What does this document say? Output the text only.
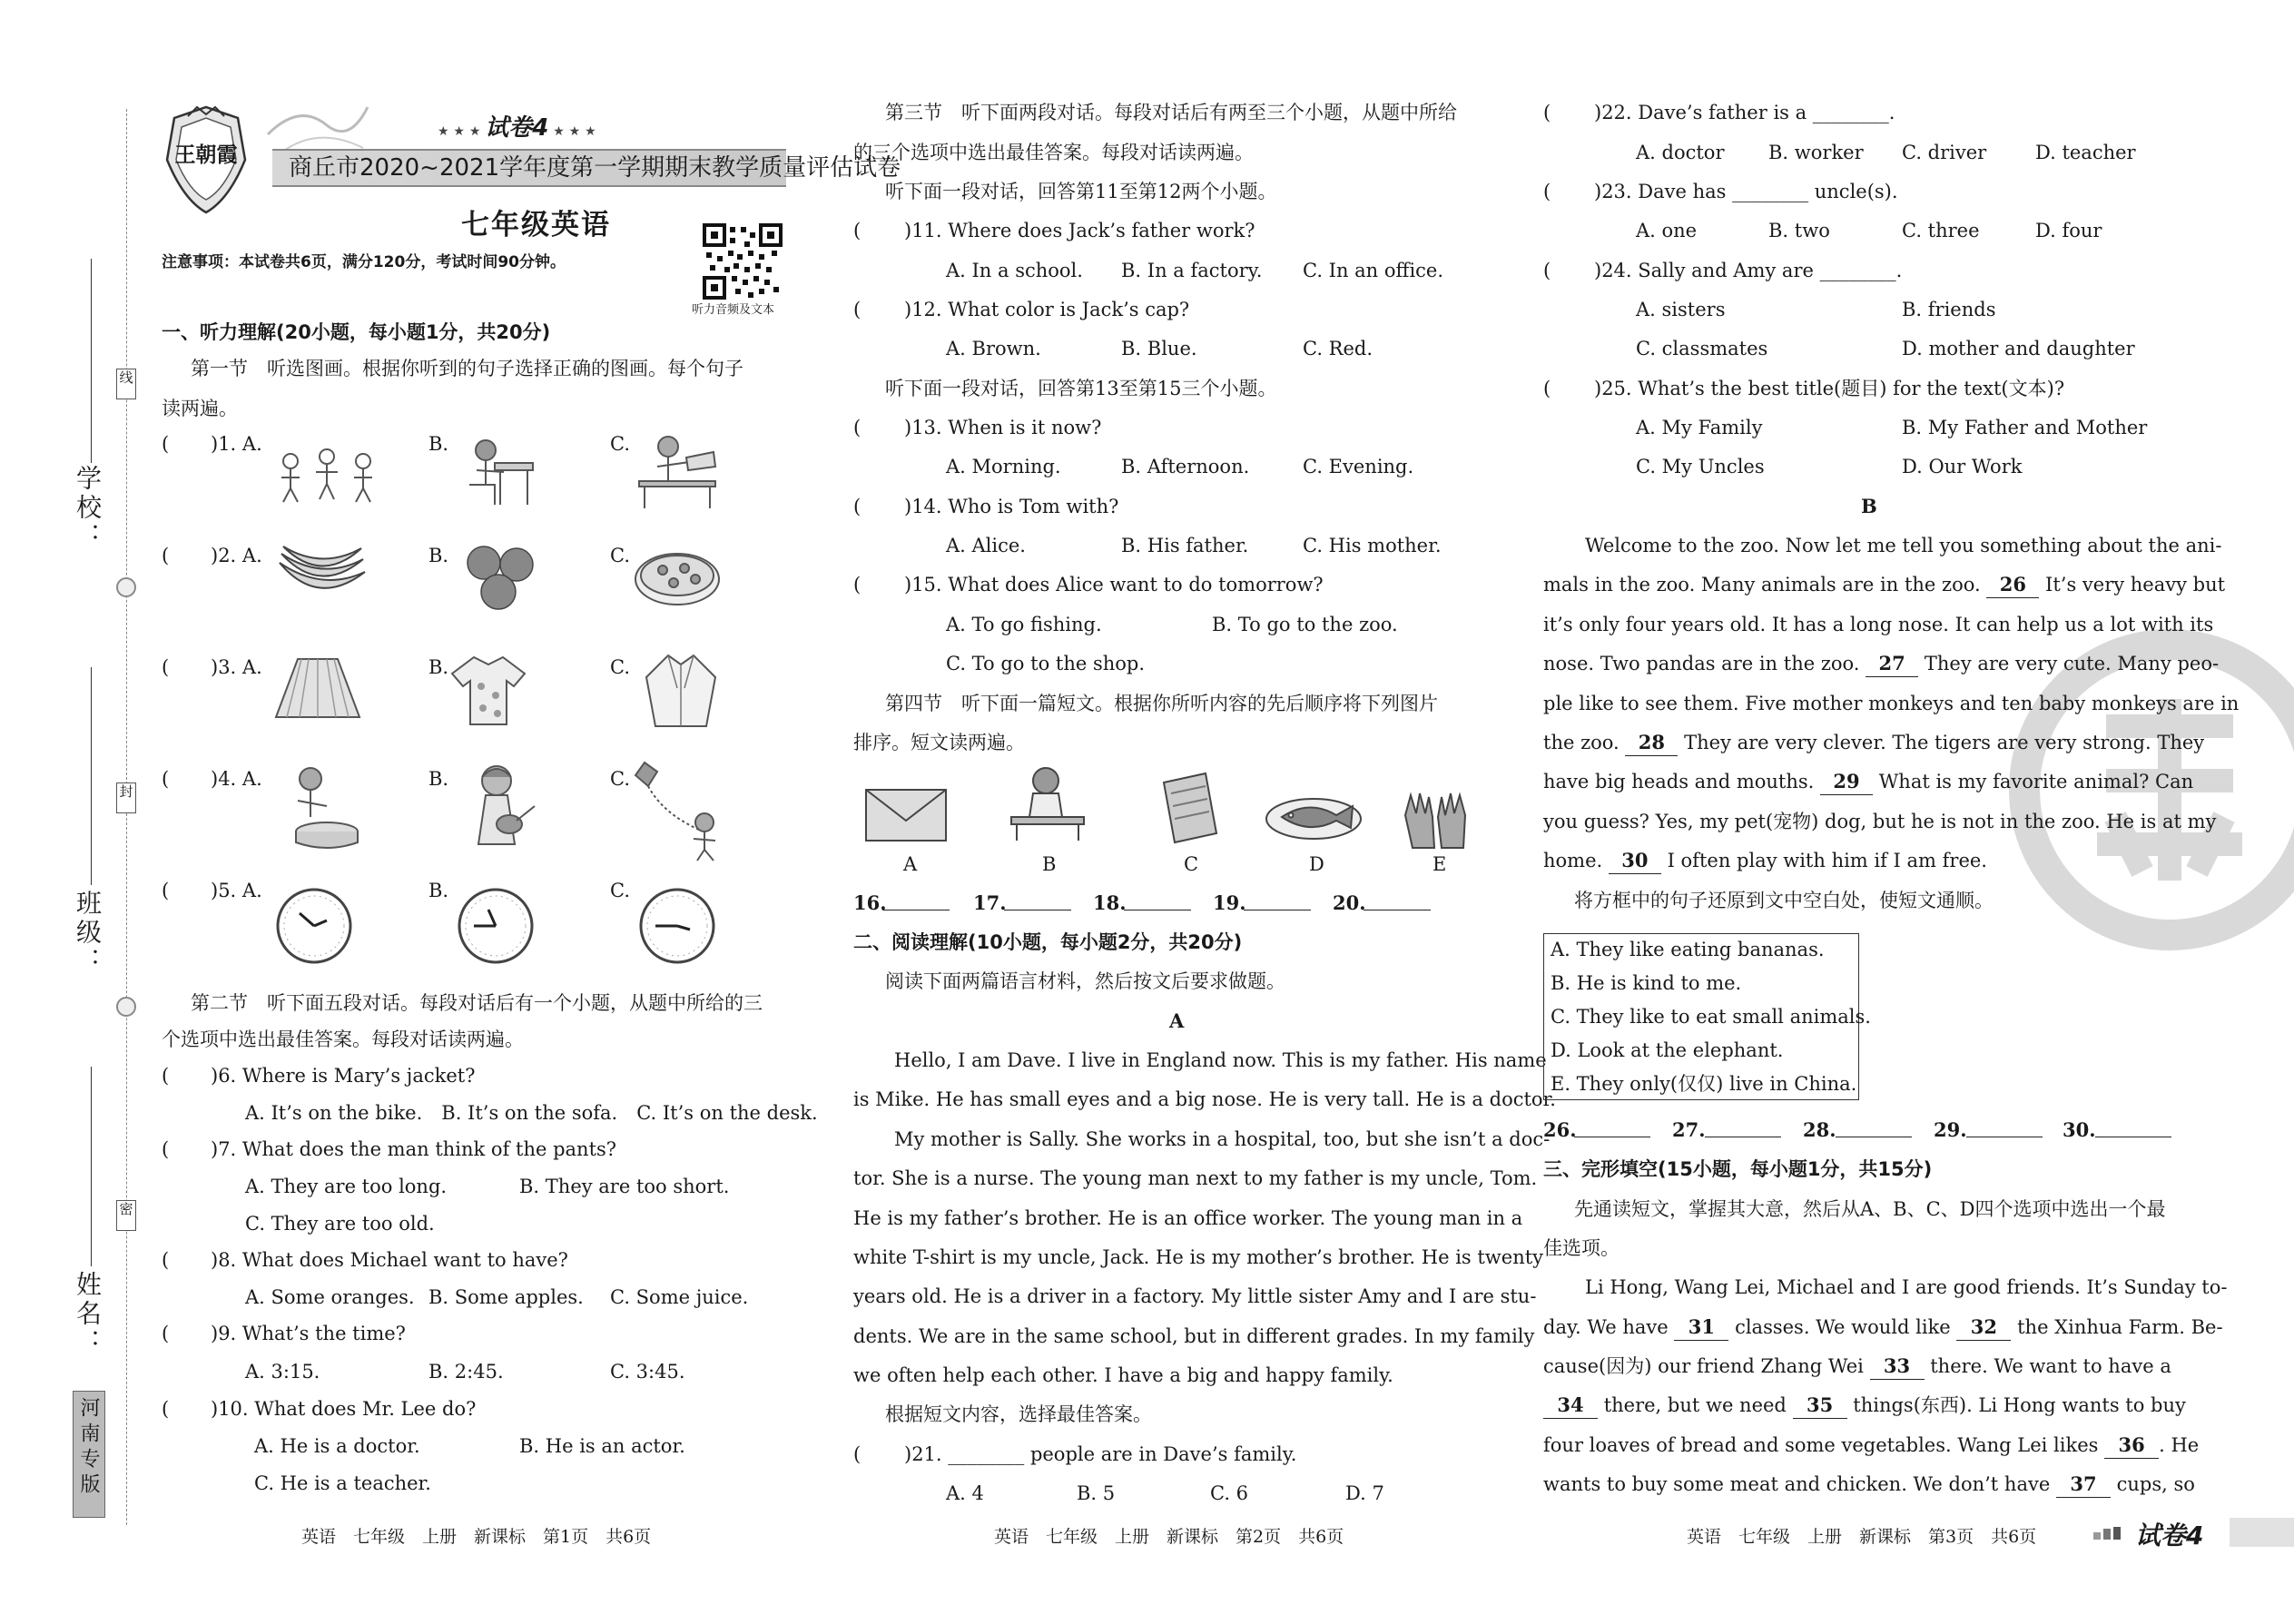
学校：
班级：
姓名：
线
封
密
河南专版
王朝霞
★ ★ ★ 试卷4 ★ ★ ★
商丘市2020~2021学年度第一学期期末教学质量评估试卷
七年级英语
注意事项：本试卷共6页，满分120分，考试时间90分钟。
听力音频及文本
一、听力理解(20小题，每小题1分，共20分)
第一节　听选图画。根据你听到的句子选择正确的图画。每个句子
读两遍。
( )1. A.	B.	C.
( )2. A.	B.	C.
( )3. A.	B.	C.
( )4. A.	B.	C.
( )5. A.	B.	C.
第二节　听下面五段对话。每段对话后有一个小题，从题中所给的三
个选项中选出最佳答案。每段对话读两遍。
( )6. Where is Mary’s jacket?
A. It’s on the bike.　B. It’s on the sofa.　C. It’s on the desk.
( )7. What does the man think of the pants?
A. They are too long.	B. They are too short.
C. They are too old.
( )8. What does Michael want to have?
A. Some oranges. B. Some apples. C. Some juice.
( )9. What’s the time?
A. 3:15.	B. 2:45.	C. 3:45.
( )10. What does Mr. Lee do?
A. He is a doctor.	B. He is an actor.
C. He is a teacher.
英语　七年级　上册　新课标　第1页　共6页
第三节　听下面两段对话。每段对话后有两至三个小题，从题中所给
的三个选项中选出最佳答案。每段对话读两遍。
听下面一段对话，回答第11至第12两个小题。
( )11. Where does Jack’s father work?
A. In a school. B. In a factory. C. In an office.
( )12. What color is Jack’s cap?
A. Brown.	B. Blue.	C. Red.
听下面一段对话，回答第13至第15三个小题。
( )13. When is it now?
A. Morning.	B. Afternoon.	C. Evening.
( )14. Who is Tom with?
A. Alice.	B. His father.	C. His mother.
( )15. What does Alice want to do tomorrow?
A. To go fishing.	B. To go to the zoo.
C. To go to the shop.
第四节　听下面一篇短文。根据你所听内容的先后顺序将下列图片
排序。短文读两遍。
A	B	C	D	E
16.	17.	18.	19.	20.
二、阅读理解(10小题，每小题2分，共20分)
阅读下面两篇语言材料，然后按文后要求做题。
A
Hello, I am Dave. I live in England now. This is my father. His name
is Mike. He has small eyes and a big nose. He is very tall. He is a doctor.
My mother is Sally. She works in a hospital, too, but she isn’t a doc-
tor. She is a nurse. The young man next to my father is my uncle, Tom.
He is my father’s brother. He is an office worker. The young man in a
white T-shirt is my uncle, Jack. He is my mother’s brother. He is twenty
years old. He is a driver in a factory. My little sister Amy and I are stu-
dents. We are in the same school, but in different grades. In my family
we often help each other. I have a big and happy family.
根据短文内容，选择最佳答案。
( )21. ________ people are in Dave’s family.
A. 4	B. 5	C. 6	D. 7
英语　七年级　上册　新课标　第2页　共6页
( )22. Dave’s father is a ________.
A. doctor B. worker C. driver	D. teacher
( )23. Dave has ________ uncle(s).
A. one	B. two	C. three	D. four
( )24. Sally and Amy are ________.
A. sisters	B. friends
C. classmates	D. mother and daughter
( )25. What’s the best title(题目) for the text(文本)?
A. My Family	B. My Father and Mother
C. My Uncles	D. Our Work
B
Welcome to the zoo. Now let me tell you something about the ani-
mals in the zoo. Many animals are in the zoo. 26 It’s very heavy but
it’s only four years old. It has a long nose. It can help us a lot with its
nose. Two pandas are in the zoo. 27 They are very cute. Many peo-
ple like to see them. Five mother monkeys and ten baby monkeys are in
the zoo. 28 They are very clever. The tigers are very strong. They
have big heads and mouths. 29 What is my favorite animal? Can
you guess? Yes, my pet(宠物) dog, but he is not in the zoo. He is at my
home. 30 I often play with him if I am free.
将方框中的句子还原到文中空白处，使短文通顺。
A. They like eating bananas.
B. He is kind to me.
C. They like to eat small animals.
D. Look at the elephant.
E. They only(仅仅) live in China.
26.	27.	28.	29.	30.
三、完形填空(15小题，每小题1分，共15分)
先通读短文，掌握其大意，然后从A、B、C、D四个选项中选出一个最
佳选项。
Li Hong, Wang Lei, Michael and I are good friends. It’s Sunday to-
day. We have 31 classes. We would like 32 the Xinhua Farm. Be-
cause(因为) our friend Zhang Wei 33 there. We want to have a
34 there, but we need 35 things(东西). Li Hong wants to buy
four loaves of bread and some vegetables. Wang Lei likes 36 . He
wants to buy some meat and chicken. We don’t have 37 cups, so
英语　七年级　上册　新课标　第3页　共6页	试卷4
